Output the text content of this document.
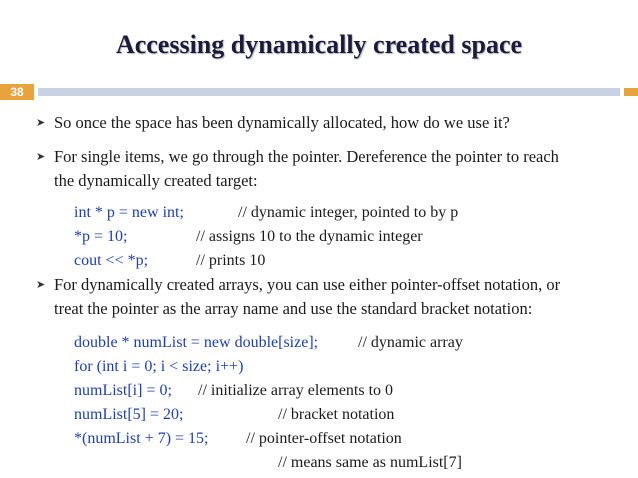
Accessing dynamically created space
38
➤ So once the space has been dynamically allocated, how do we use it?
➤ For single items, we go through the pointer. Dereference the pointer to reach
the dynamically created target:
int * p = new int;	// dynamic integer, pointed to by p
*p = 10;	// assigns 10 to the dynamic integer
cout << *p;	// prints 10
➤ For dynamically created arrays, you can use either pointer-offset notation, or
treat the pointer as the array name and use the standard bracket notation:
double * numList = new double[size]; // dynamic array
for (int i = 0; i < size; i++)
numList[i] = 0; // initialize array elements to 0
numList[5] = 20;	// bracket notation
*(numList + 7) = 15; // pointer-offset notation
// means same as numList[7]
